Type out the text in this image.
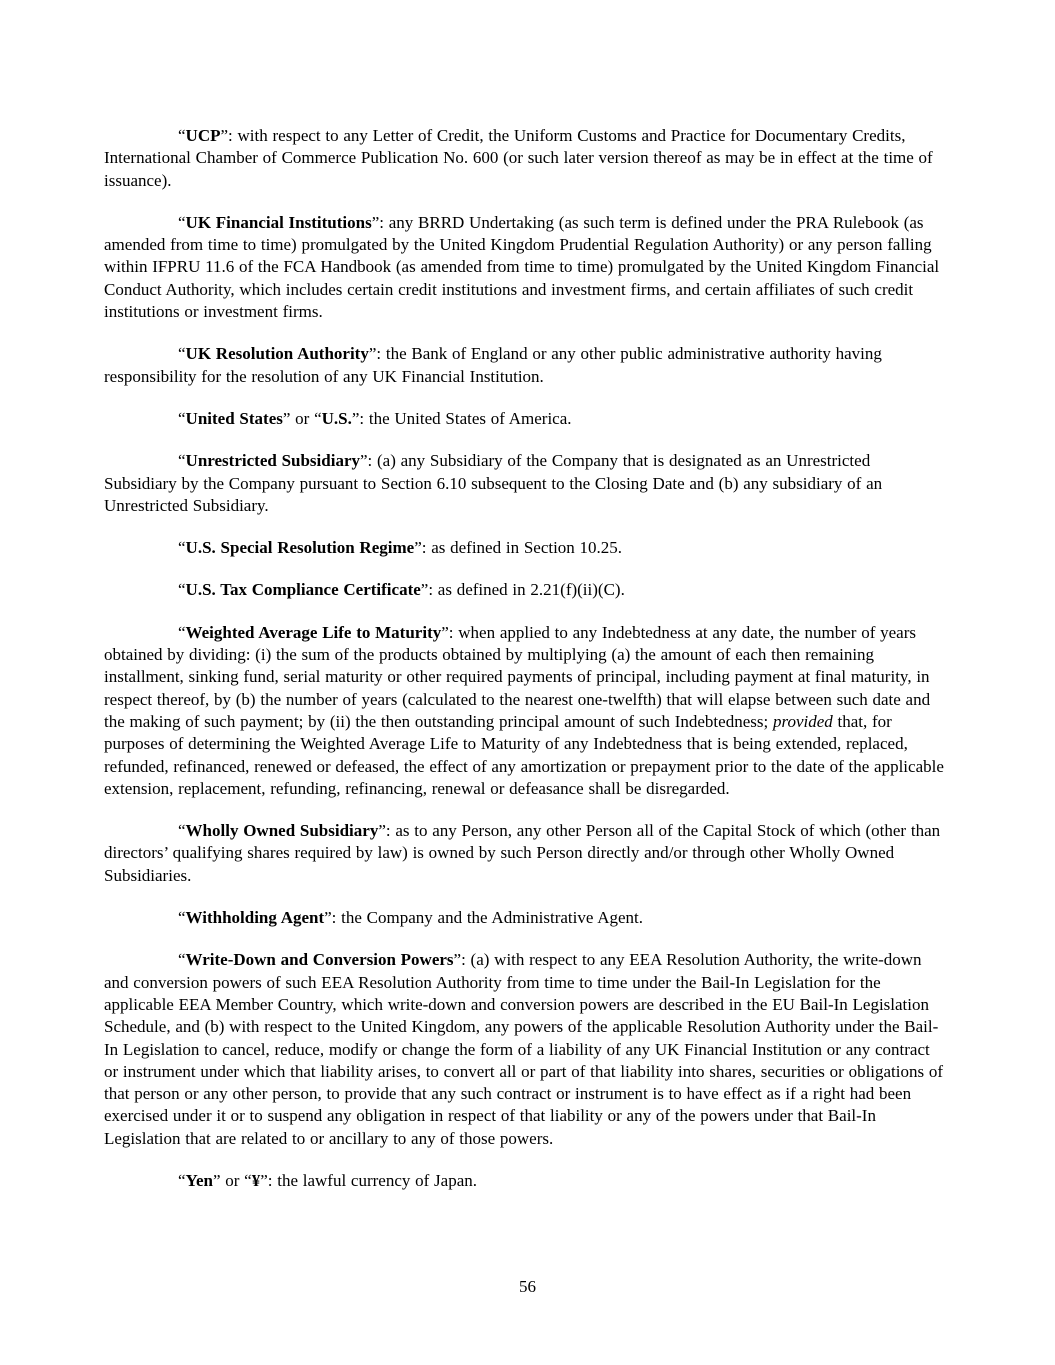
“UCP”: with respect to any Letter of Credit, the Uniform Customs and Practice for Documentary Credits, International Chamber of Commerce Publication No. 600 (or such later version thereof as may be in effect at the time of issuance).

“UK Financial Institutions”: any BRRD Undertaking (as such term is defined under the PRA Rulebook (as amended from time to time) promulgated by the United Kingdom Prudential Regulation Authority) or any person falling within IFPRU 11.6 of the FCA Handbook (as amended from time to time) promulgated by the United Kingdom Financial Conduct Authority, which includes certain credit institutions and investment firms, and certain affiliates of such credit institutions or investment firms.

“UK Resolution Authority”: the Bank of England or any other public administrative authority having responsibility for the resolution of any UK Financial Institution.

“United States” or “U.S.”: the United States of America.

“Unrestricted Subsidiary”: (a) any Subsidiary of the Company that is designated as an Unrestricted Subsidiary by the Company pursuant to Section 6.10 subsequent to the Closing Date and (b) any subsidiary of an Unrestricted Subsidiary.

“U.S. Special Resolution Regime”: as defined in Section 10.25.

“U.S. Tax Compliance Certificate”: as defined in 2.21(f)(ii)(C).

“Weighted Average Life to Maturity”: when applied to any Indebtedness at any date, the number of years obtained by dividing: (i) the sum of the products obtained by multiplying (a) the amount of each then remaining installment, sinking fund, serial maturity or other required payments of principal, including payment at final maturity, in respect thereof, by (b) the number of years (calculated to the nearest one-twelfth) that will elapse between such date and the making of such payment; by (ii) the then outstanding principal amount of such Indebtedness; provided that, for purposes of determining the Weighted Average Life to Maturity of any Indebtedness that is being extended, replaced, refunded, refinanced, renewed or defeased, the effect of any amortization or prepayment prior to the date of the applicable extension, replacement, refunding, refinancing, renewal or defeasance shall be disregarded.

“Wholly Owned Subsidiary”: as to any Person, any other Person all of the Capital Stock of which (other than directors’ qualifying shares required by law) is owned by such Person directly and/or through other Wholly Owned Subsidiaries.

“Withholding Agent”: the Company and the Administrative Agent.

“Write-Down and Conversion Powers”: (a) with respect to any EEA Resolution Authority, the write-down and conversion powers of such EEA Resolution Authority from time to time under the Bail-In Legislation for the applicable EEA Member Country, which write-down and conversion powers are described in the EU Bail-In Legislation Schedule, and (b) with respect to the United Kingdom, any powers of the applicable Resolution Authority under the Bail-In Legislation to cancel, reduce, modify or change the form of a liability of any UK Financial Institution or any contract or instrument under which that liability arises, to convert all or part of that liability into shares, securities or obligations of that person or any other person, to provide that any such contract or instrument is to have effect as if a right had been exercised under it or to suspend any obligation in respect of that liability or any of the powers under that Bail-In Legislation that are related to or ancillary to any of those powers.

“Yen” or “¥”: the lawful currency of Japan.

56
